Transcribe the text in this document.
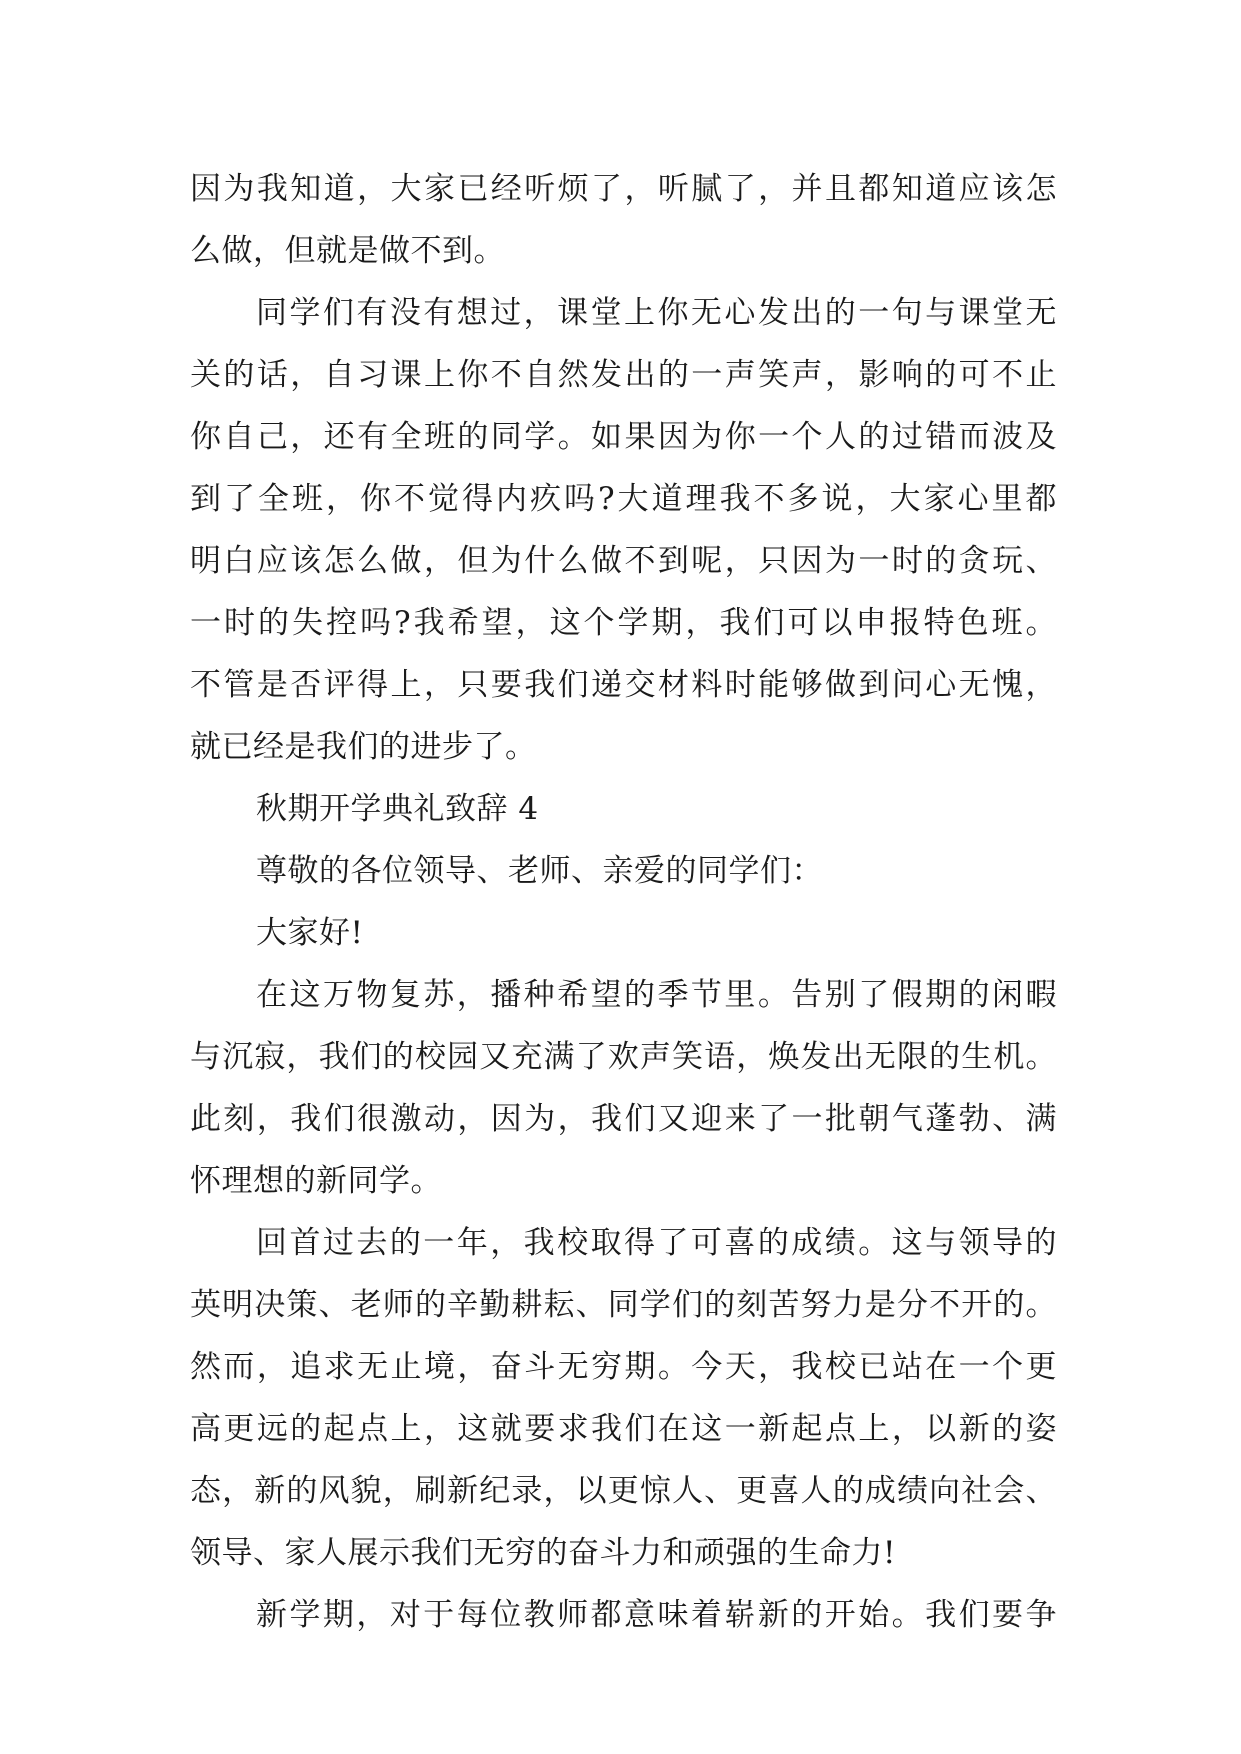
因为我知道，大家已经听烦了，听腻了，并且都知道应该怎
么做，但就是做不到。
同学们有没有想过，课堂上你无心发出的一句与课堂无
关的话，自习课上你不自然发出的一声笑声，影响的可不止
你自己，还有全班的同学。如果因为你一个人的过错而波及
到了全班，你不觉得内疚吗?大道理我不多说，大家心里都
明白应该怎么做，但为什么做不到呢，只因为一时的贪玩、
一时的失控吗?我希望，这个学期，我们可以申报特色班。
不管是否评得上，只要我们递交材料时能够做到问心无愧，
就已经是我们的进步了。
秋期开学典礼致辞 4
尊敬的各位领导、老师、亲爱的同学们：
大家好!
在这万物复苏，播种希望的季节里。告别了假期的闲暇
与沉寂，我们的校园又充满了欢声笑语，焕发出无限的生机。
此刻，我们很激动，因为，我们又迎来了一批朝气蓬勃、满
怀理想的新同学。
回首过去的一年，我校取得了可喜的成绩。这与领导的
英明决策、老师的辛勤耕耘、同学们的刻苦努力是分不开的。
然而，追求无止境，奋斗无穷期。今天，我校已站在一个更
高更远的起点上，这就要求我们在这一新起点上，以新的姿
态，新的风貌，刷新纪录，以更惊人、更喜人的成绩向社会、
领导、家人展示我们无穷的奋斗力和顽强的生命力!
新学期，对于每位教师都意味着崭新的开始。我们要争
